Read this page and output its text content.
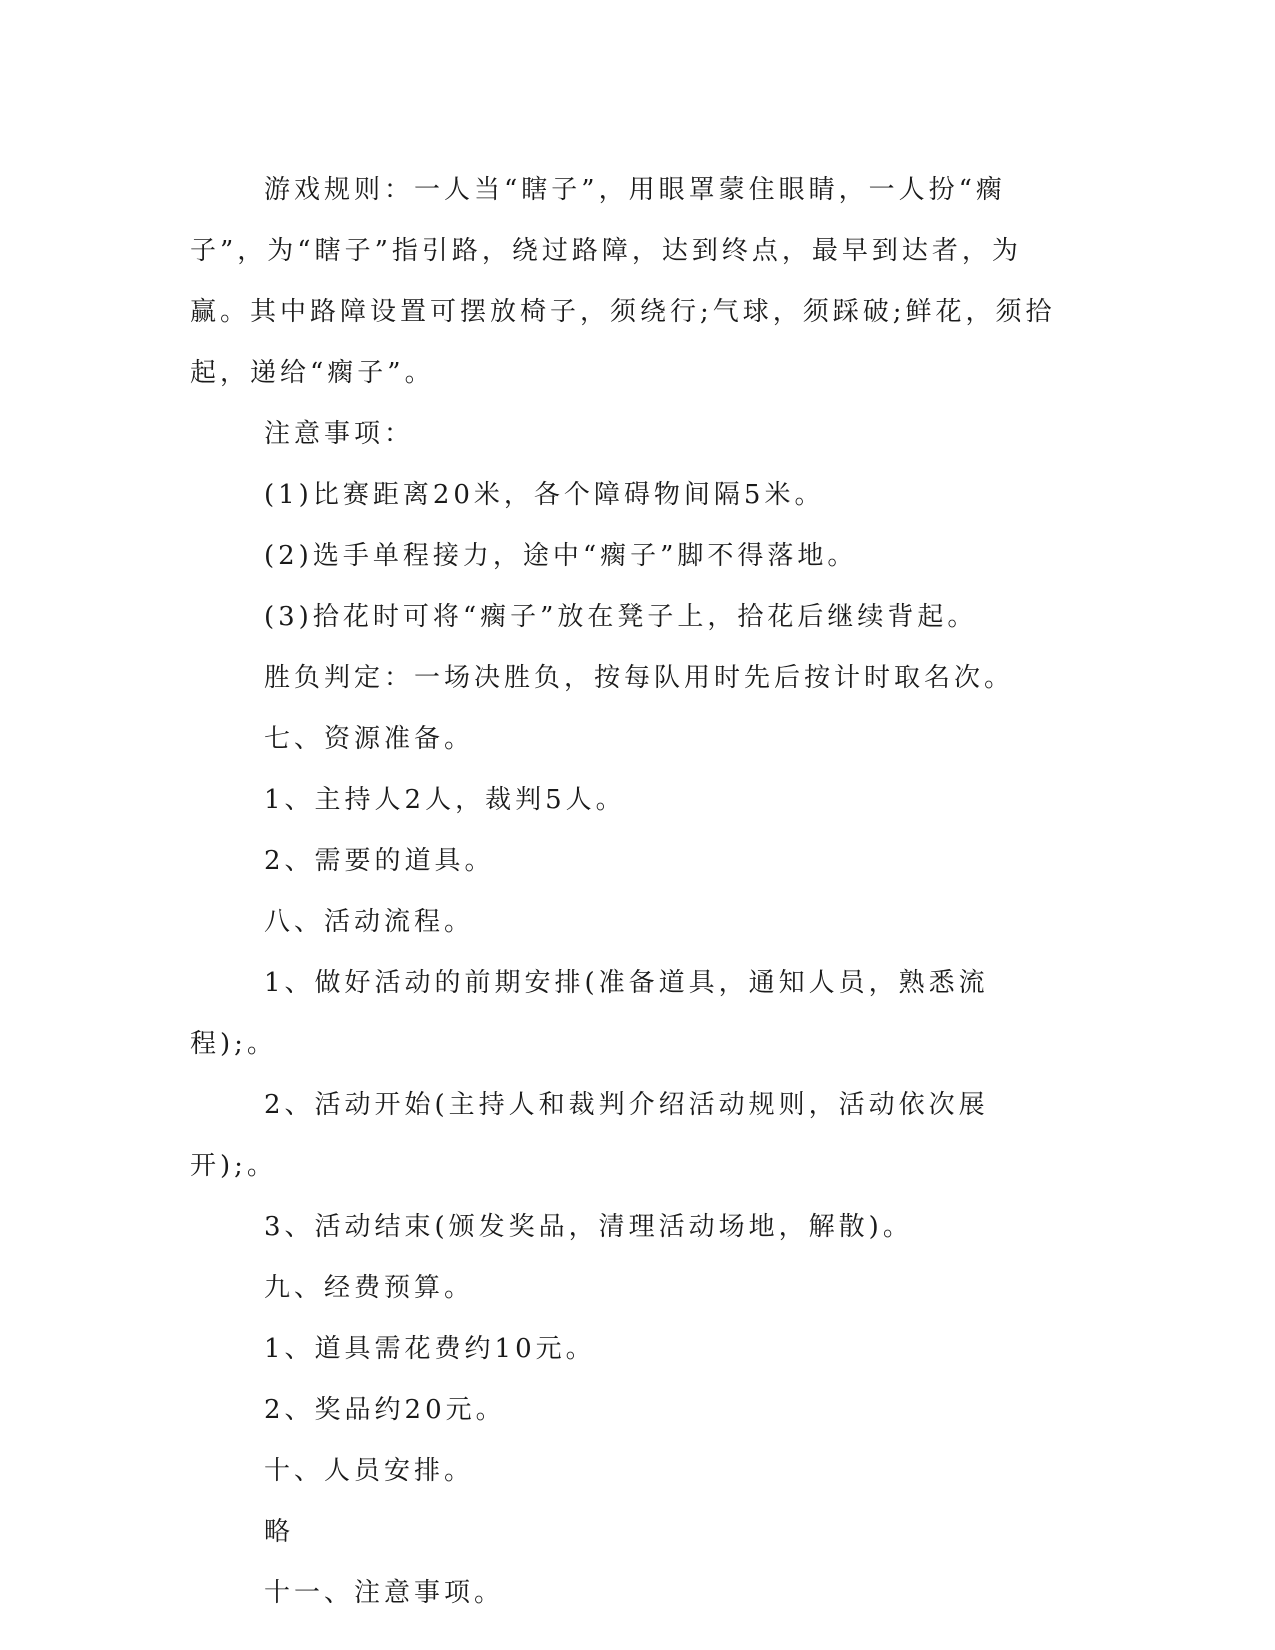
游戏规则：一人当“瞎子”，用眼罩蒙住眼睛，一人扮“瘸子”，为“瞎子”指引路，绕过路障，达到终点，最早到达者，为赢。其中路障设置可摆放椅子，须绕行;气球，须踩破;鲜花，须拾起，递给“瘸子”。

注意事项：

(1)比赛距离20米，各个障碍物间隔5米。

(2)选手单程接力，途中“瘸子”脚不得落地。

(3)拾花时可将“瘸子”放在凳子上，拾花后继续背起。

胜负判定：一场决胜负，按每队用时先后按计时取名次。

七、资源准备。

1、主持人2人，裁判5人。

2、需要的道具。

八、活动流程。

1、做好活动的前期安排(准备道具，通知人员，熟悉流程);。

2、活动开始(主持人和裁判介绍活动规则，活动依次展开);。

3、活动结束(颁发奖品，清理活动场地，解散)。

九、经费预算。

1、道具需花费约10元。

2、奖品约20元。

十、人员安排。

略

十一、注意事项。
